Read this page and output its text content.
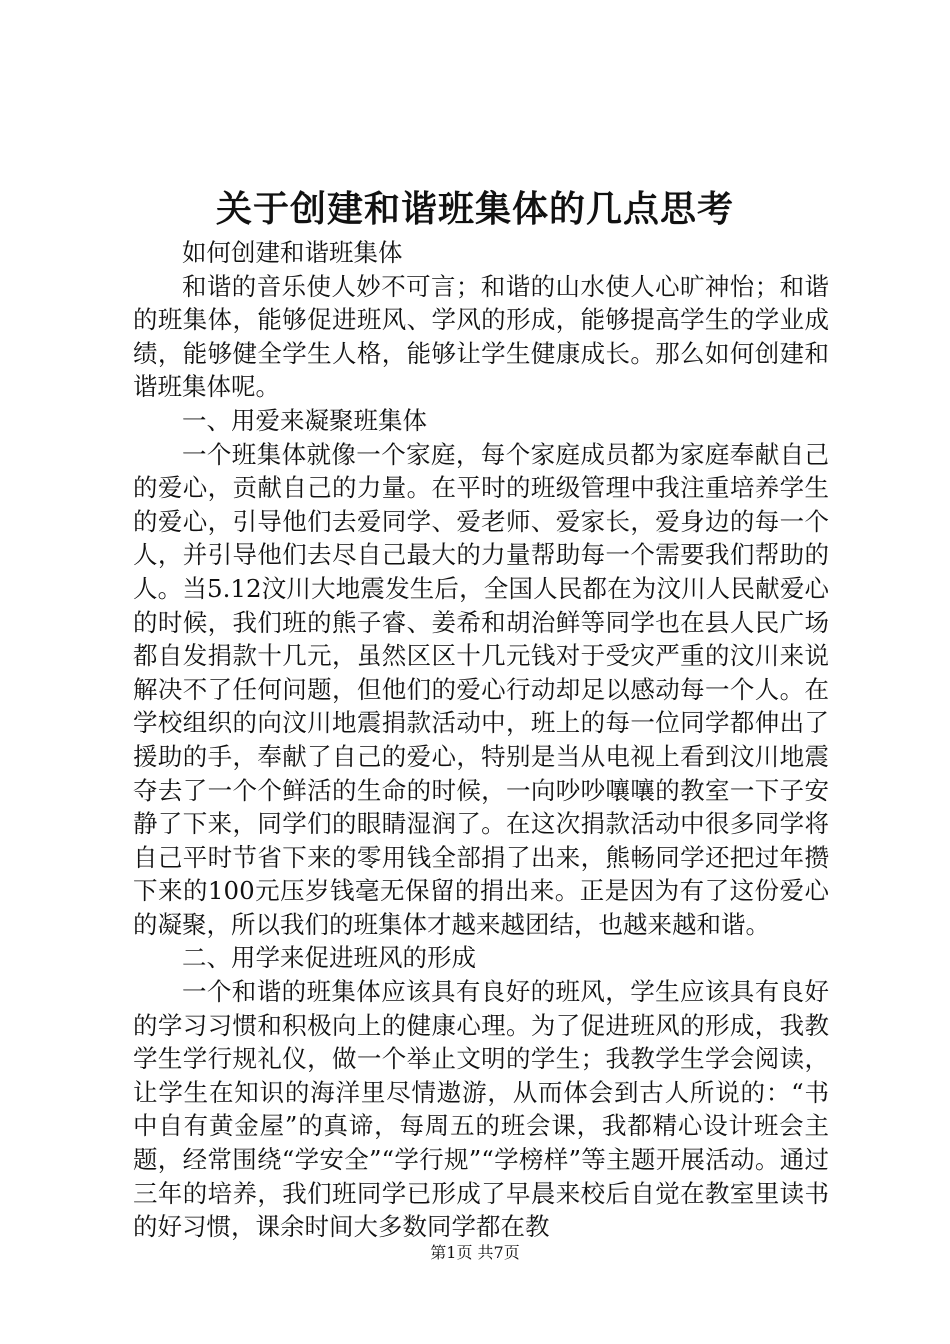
关于创建和谐班集体的几点思考

如何创建和谐班集体

和谐的音乐使人妙不可言；和谐的山水使人心旷神怡；和谐的班集体，能够促进班风、学风的形成，能够提高学生的学业成绩，能够健全学生人格，能够让学生健康成长。那么如何创建和谐班集体呢。

一、用爱来凝聚班集体

一个班集体就像一个家庭，每个家庭成员都为家庭奉献自己的爱心，贡献自己的力量。在平时的班级管理中我注重培养学生的爱心，引导他们去爱同学、爱老师、爱家长，爱身边的每一个人，并引导他们去尽自己最大的力量帮助每一个需要我们帮助的人。当5.12汶川大地震发生后，全国人民都在为汶川人民献爱心的时候，我们班的熊子睿、姜希和胡治鲜等同学也在县人民广场都自发捐款十几元，虽然区区十几元钱对于受灾严重的汶川来说解决不了任何问题，但他们的爱心行动却足以感动每一个人。在学校组织的向汶川地震捐款活动中，班上的每一位同学都伸出了援助的手，奉献了自己的爱心，特别是当从电视上看到汶川地震夺去了一个个鲜活的生命的时候，一向吵吵嚷嚷的教室一下子安静了下来，同学们的眼睛湿润了。在这次捐款活动中很多同学将自己平时节省下来的零用钱全部捐了出来，熊畅同学还把过年攒下来的100元压岁钱毫无保留的捐出来。正是因为有了这份爱心的凝聚，所以我们的班集体才越来越团结，也越来越和谐。

二、用学来促进班风的形成

一个和谐的班集体应该具有良好的班风，学生应该具有良好的学习习惯和积极向上的健康心理。为了促进班风的形成，我教学生学行规礼仪，做一个举止文明的学生；我教学生学会阅读，让学生在知识的海洋里尽情遨游，从而体会到古人所说的：“书中自有黄金屋”的真谛，每周五的班会课，我都精心设计班会主题，经常围绕“学安全”“学行规”“学榜样”等主题开展活动。通过三年的培养，我们班同学已形成了早晨来校后自觉在教室里读书的好习惯，课余时间大多数同学都在教

第1页 共7页
